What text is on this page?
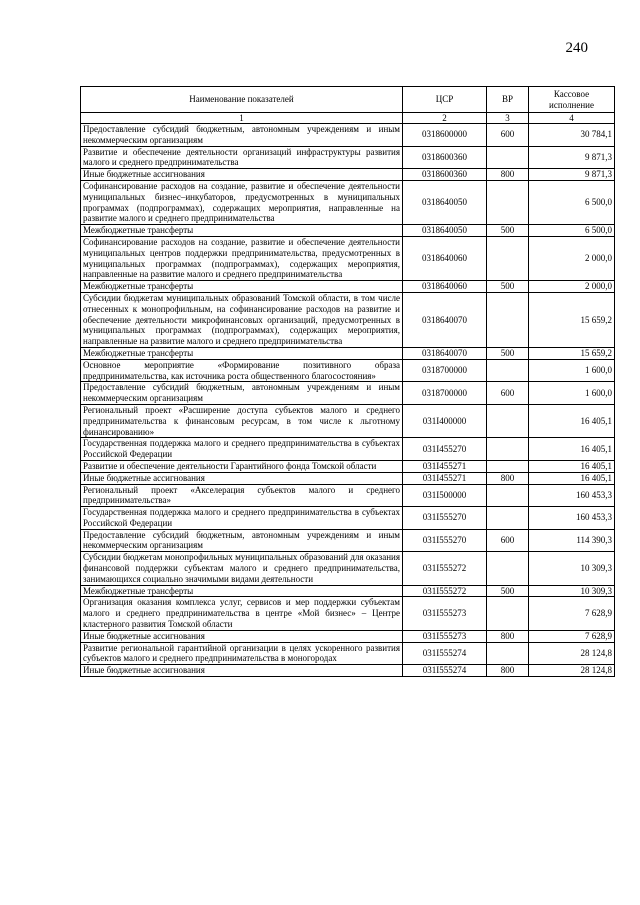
240
Наименование показателей	ЦСР	ВР	Кассовое исполнение
1	2	3	4
Предоставление субсидий бюджетным, автономным учреждениям и иным некоммерческим организациям	0318600000	600	30 784,1
Развитие и обеспечение деятельности организаций инфраструктуры развития малого и среднего предпринимательства	0318600360		9 871,3
Иные бюджетные ассигнования	0318600360	800	9 871,3
Софинансирование расходов на создание, развитие и обеспечение деятельности муниципальных бизнес–инкубаторов, предусмотренных в муниципальных программах (подпрограммах), содержащих мероприятия, направленные на развитие малого и среднего предпринимательства	0318640050		6 500,0
Межбюджетные трансферты	0318640050	500	6 500,0
Софинансирование расходов на создание, развитие и обеспечение деятельности муниципальных центров поддержки предпринимательства, предусмотренных в муниципальных программах (подпрограммах), содержащих мероприятия, направленные на развитие малого и среднего предпринимательства	0318640060		2 000,0
Межбюджетные трансферты	0318640060	500	2 000,0
Субсидии бюджетам муниципальных образований Томской области, в том числе отнесенных к монопрофильным, на софинансирование расходов на развитие и обеспечение деятельности микрофинансовых организаций, предусмотренных в муниципальных программах (подпрограммах), содержащих мероприятия, направленные на развитие малого и среднего предпринимательства	0318640070		15 659,2
Межбюджетные трансферты	0318640070	500	15 659,2
Основное мероприятие «Формирование позитивного образа предпринимательства, как источника роста общественного благосостояния»	0318700000		1 600,0
Предоставление субсидий бюджетным, автономным учреждениям и иным некоммерческим организациям	0318700000	600	1 600,0
Региональный проект «Расширение доступа субъектов малого и среднего предпринимательства к финансовым ресурсам, в том числе к льготному финансированию»	031I400000		16 405,1
Государственная поддержка малого и среднего предпринимательства в субъектах Российской Федерации	031I455270		16 405,1
Развитие и обеспечение деятельности Гарантийного фонда Томской области	031I455271		16 405,1
Иные бюджетные ассигнования	031I455271	800	16 405,1
Региональный проект «Акселерация субъектов малого и среднего предпринимательства»	031I500000		160 453,3
Государственная поддержка малого и среднего предпринимательства в субъектах Российской Федерации	031I555270		160 453,3
Предоставление субсидий бюджетным, автономным учреждениям и иным некоммерческим организациям	031I555270	600	114 390,3
Субсидии бюджетам монопрофильных муниципальных образований для оказания финансовой поддержки субъектам малого и среднего предпринимательства, занимающихся социально значимыми видами деятельности	031I555272		10 309,3
Межбюджетные трансферты	031I555272	500	10 309,3
Организация оказания комплекса услуг, сервисов и мер поддержки субъектам малого и среднего предпринимательства в центре «Мой бизнес» – Центре кластерного развития Томской области	031I555273		7 628,9
Иные бюджетные ассигнования	031I555273	800	7 628,9
Развитие региональной гарантийной организации в целях ускоренного развития субъектов малого и среднего предпринимательства в моногородах	031I555274		28 124,8
Иные бюджетные ассигнования	031I555274	800	28 124,8
